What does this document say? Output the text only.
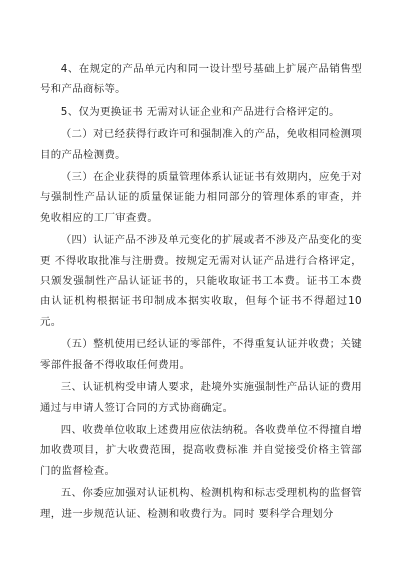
4、在规定的产品单元内和同一设计型号基础上扩展产品销售型号和产品商标等。

5、仅为更换证书 无需对认证企业和产品进行合格评定的。

（二）对已经获得行政许可和强制准入的产品，免收相同检测项目的产品检测费。

（三）在企业获得的质量管理体系认证证书有效期内，应免于对与强制性产品认证的质量保证能力相同部分的管理体系的审查，并免收相应的工厂审查费。

（四）认证产品不涉及单元变化的扩展或者不涉及产品变化的变更 不得收取批准与注册费。按规定无需对认证产品进行合格评定，只颁发强制性产品认证证书的，只能收取证书工本费。证书工本费由认证机构根据证书印制成本据实收取，但每个证书不得超过10元。

（五）整机使用已经认证的零部件，不得重复认证并收费；关键零部件报备不得收取任何费用。

三、认证机构受申请人要求，赴境外实施强制性产品认证的费用 通过与申请人签订合同的方式协商确定。

四、收费单位收取上述费用应依法纳税。各收费单位不得擅自增加收费项目，扩大收费范围，提高收费标准 并自觉接受价格主管部门的监督检查。

五、你委应加强对认证机构、检测机构和标志受理机构的监督管理，进一步规范认证、检测和收费行为。同时 要科学合理划分
